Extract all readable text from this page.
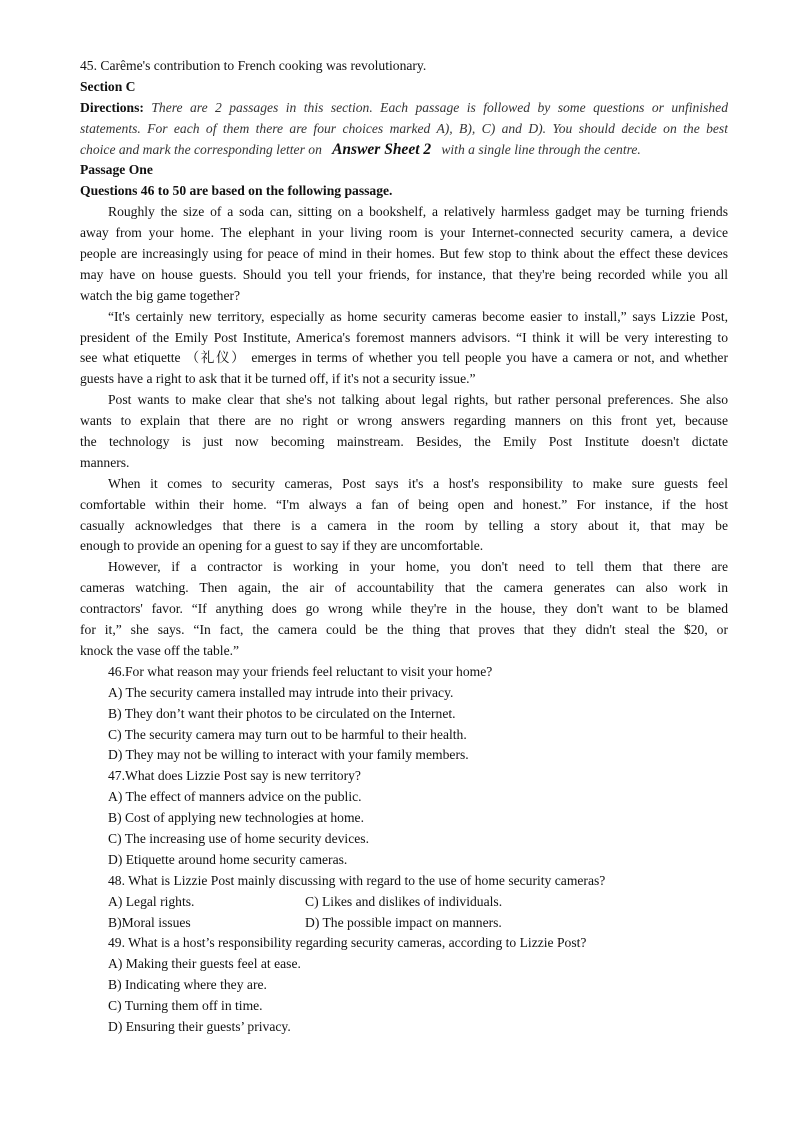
45. Carême's contribution to French cooking was revolutionary.
Section C
Directions: There are 2 passages in this section. Each passage is followed by some questions or unfinished
statements. For each of them there are four choices marked A), B), C) and D). You should decide on the best
choice and mark the corresponding letter on Answer Sheet 2 with a single line through the centre.
Passage One
Questions 46 to 50 are based on the following passage.
Roughly the size of a soda can, sitting on a bookshelf, a relatively harmless gadget may be turning friends
away from your home. The elephant in your living room is your Internet-connected security camera, a device
people are increasingly using for peace of mind in their homes. But few stop to think about the effect these devices
may have on house guests. Should you tell your friends, for instance, that they're being recorded while you all
watch the big game together?
“It's certainly new territory, especially as home security cameras become easier to install,” says Lizzie Post,
president of the Emily Post Institute, America's foremost manners advisors. “I think it will be very interesting to
see what etiquette （礼仪） emerges in terms of whether you tell people you have a camera or not, and whether
guests have a right to ask that it be turned off, if it's not a security issue.”
Post wants to make clear that she's not talking about legal rights, but rather personal preferences. She also
wants to explain that there are no right or wrong answers regarding manners on this front yet, because
the technology is just now becoming mainstream. Besides, the Emily Post Institute doesn't dictate
manners.
When it comes to security cameras, Post says it's a host's responsibility to make sure guests feel
comfortable within their home. “I'm always a fan of being open and honest.” For instance, if the host
casually acknowledges that there is a camera in the room by telling a story about it, that may be
enough to provide an opening for a guest to say if they are uncomfortable.
However, if a contractor is working in your home, you don't need to tell them that there are
cameras watching. Then again, the air of accountability that the camera generates can also work in
contractors' favor. “If anything does go wrong while they're in the house, they don't want to be blamed
for it,” she says. “In fact, the camera could be the thing that proves that they didn't steal the $20, or
knock the vase off the table.”
46.For what reason may your friends feel reluctant to visit your home?
A) The security camera installed may intrude into their privacy.
B) They don’t want their photos to be circulated on the Internet.
C) The security camera may turn out to be harmful to their health.
D) They may not be willing to interact with your family members.
47.What does Lizzie Post say is new territory?
A) The effect of manners advice on the public.
B) Cost of applying new technologies at home.
C) The increasing use of home security devices.
D) Etiquette around home security cameras.
48. What is Lizzie Post mainly discussing with regard to the use of home security cameras?
A) Legal rights.	C) Likes and dislikes of individuals.
B)Moral issues	D) The possible impact on manners.
49. What is a host’s responsibility regarding security cameras, according to Lizzie Post?
A) Making their guests feel at ease.
B) Indicating where they are.
C) Turning them off in time.
D) Ensuring their guests’ privacy.
